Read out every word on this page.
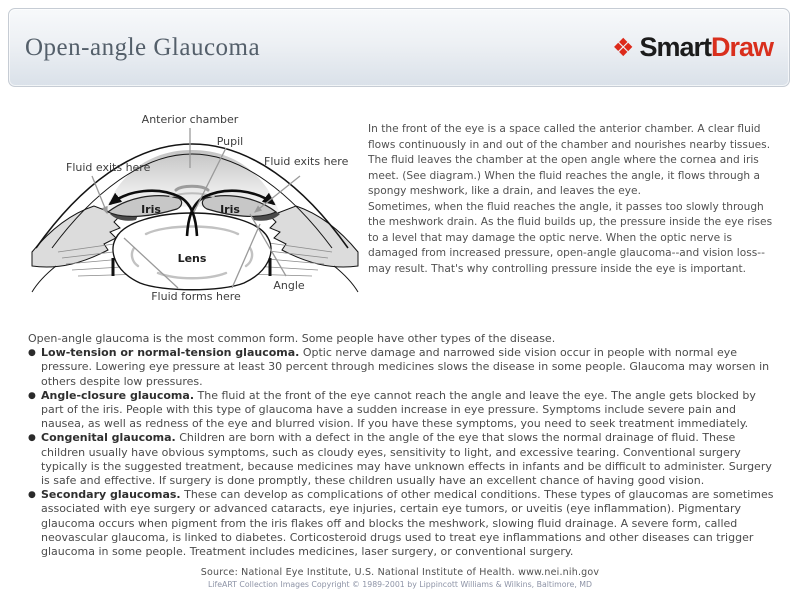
Open-angle Glaucoma	❖ Smart Draw
Anterior chamber
Pupil
Fluid exits here	Fluid exits here
Iris	Iris
Lens
Fluid forms here
Angle

In the front of the eye is a space called the anterior chamber. A clear fluid flows continuously in and out of the chamber and nourishes nearby tissues. The fluid leaves the chamber at the open angle where the cornea and iris meet. (See diagram.) When the fluid reaches the angle, it flows through a spongy meshwork, like a drain, and leaves the eye.

Sometimes, when the fluid reaches the angle, it passes too slowly through the meshwork drain. As the fluid builds up, the pressure inside the eye rises to a level that may damage the optic nerve. When the optic nerve is damaged from increased pressure, open-angle glaucoma--and vision loss--may result. That's why controlling pressure inside the eye is important.

Open-angle glaucoma is the most common form. Some people have other types of the disease.

● Low-tension or normal-tension glaucoma. Optic nerve damage and narrowed side vision occur in people with normal eye pressure. Lowering eye pressure at least 30 percent through medicines slows the disease in some people. Glaucoma may worsen in others despite low pressures.
● Angle-closure glaucoma. The fluid at the front of the eye cannot reach the angle and leave the eye. The angle gets blocked by part of the iris. People with this type of glaucoma have a sudden increase in eye pressure. Symptoms include severe pain and nausea, as well as redness of the eye and blurred vision. If you have these symptoms, you need to seek treatment immediately.
● Congenital glaucoma. Children are born with a defect in the angle of the eye that slows the normal drainage of fluid. These children usually have obvious symptoms, such as cloudy eyes, sensitivity to light, and excessive tearing. Conventional surgery typically is the suggested treatment, because medicines may have unknown effects in infants and be difficult to administer. Surgery is safe and effective. If surgery is done promptly, these children usually have an excellent chance of having good vision.
● Secondary glaucomas. These can develop as complications of other medical conditions. These types of glaucomas are sometimes associated with eye surgery or advanced cataracts, eye injuries, certain eye tumors, or uveitis (eye inflammation). Pigmentary glaucoma occurs when pigment from the iris flakes off and blocks the meshwork, slowing fluid drainage. A severe form, called neovascular glaucoma, is linked to diabetes. Corticosteroid drugs used to treat eye inflammations and other diseases can trigger glaucoma in some people. Treatment includes medicines, laser surgery, or conventional surgery.
Source: National Eye Institute, U.S. National Institute of Health. www.nei.nih.gov
LifeART Collection Images Copyright © 1989-2001 by Lippincott Williams & Wilkins, Baltimore, MD
